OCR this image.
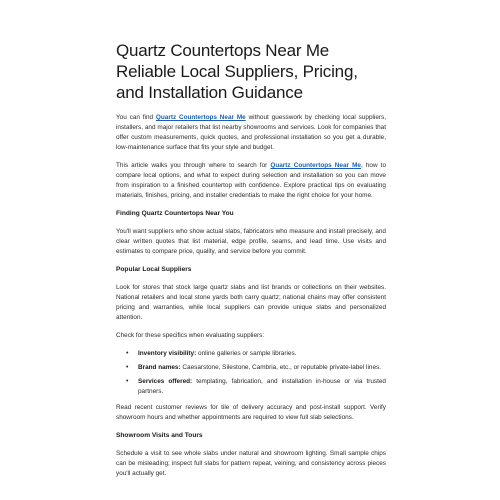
Quartz Countertops Near Me Reliable Local Suppliers, Pricing, and Installation Guidance

You can find Quartz Countertops Near Me without guesswork by checking local suppliers, installers, and major retailers that list nearby showrooms and services. Look for companies that offer custom measurements, quick quotes, and professional installation so you get a durable, low-maintenance surface that fits your style and budget.

This article walks you through where to search for Quartz Countertops Near Me, how to compare local options, and what to expect during selection and installation so you can move from inspiration to a finished countertop with confidence. Explore practical tips on evaluating materials, finishes, pricing, and installer credentials to make the right choice for your home.

Finding Quartz Countertops Near You

You'll want suppliers who show actual slabs, fabricators who measure and install precisely, and clear written quotes that list material, edge profile, seams, and lead time. Use visits and estimates to compare price, quality, and service before you commit.

Popular Local Suppliers

Look for stores that stock large quartz slabs and list brands or collections on their websites. National retailers and local stone yards both carry quartz; national chains may offer consistent pricing and warranties, while local suppliers can provide unique slabs and personalized attention.

Check for these specifics when evaluating suppliers:

• Inventory visibility: online galleries or sample libraries.
• Brand names: Caesarstone, Silestone, Cambria, etc., or reputable private-label lines.
• Services offered: templating, fabrication, and installation in-house or via trusted partners.

Read recent customer reviews for tile of delivery accuracy and post-install support. Verify showroom hours and whether appointments are required to view full slab selections.

Showroom Visits and Tours

Schedule a visit to see whole slabs under natural and showroom lighting. Small sample chips can be misleading; inspect full slabs for pattern repeat, veining, and consistency across pieces you'll actually get.
